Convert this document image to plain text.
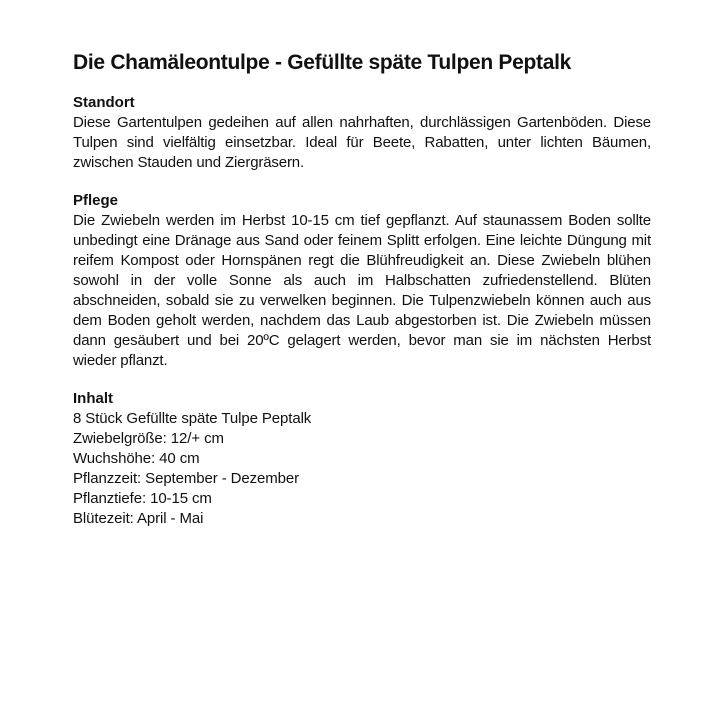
Die Chamäleontulpe - Gefüllte späte Tulpen Peptalk
Standort

Diese Gartentulpen gedeihen auf allen nahrhaften, durchlässigen Gartenböden. Diese Tulpen sind vielfältig einsetzbar. Ideal für Beete, Rabatten, unter lichten Bäumen, zwischen Stauden und Ziergräsern.

Pflege

Die Zwiebeln werden im Herbst 10-15 cm tief gepflanzt. Auf staunassem Boden sollte unbedingt eine Dränage aus Sand oder feinem Splitt erfolgen. Eine leichte Düngung mit reifem Kompost oder Hornspänen regt die Blühfreudigkeit an. Diese Zwiebeln blühen sowohl in der volle Sonne als auch im Halbschatten zufriedenstellend. Blüten abschneiden, sobald sie zu verwelken beginnen. Die Tulpenzwiebeln können auch aus dem Boden geholt werden, nachdem das Laub abgestorben ist. Die Zwiebeln müssen dann gesäubert und bei 20ºC gelagert werden, bevor man sie im nächsten Herbst wieder pflanzt.

Inhalt
8 Stück Gefüllte späte Tulpe Peptalk
Zwiebelgröße: 12/+ cm
Wuchshöhe: 40 cm
Pflanzzeit: September - Dezember
Pflanztiefe: 10-15 cm
Blütezeit: April - Mai
